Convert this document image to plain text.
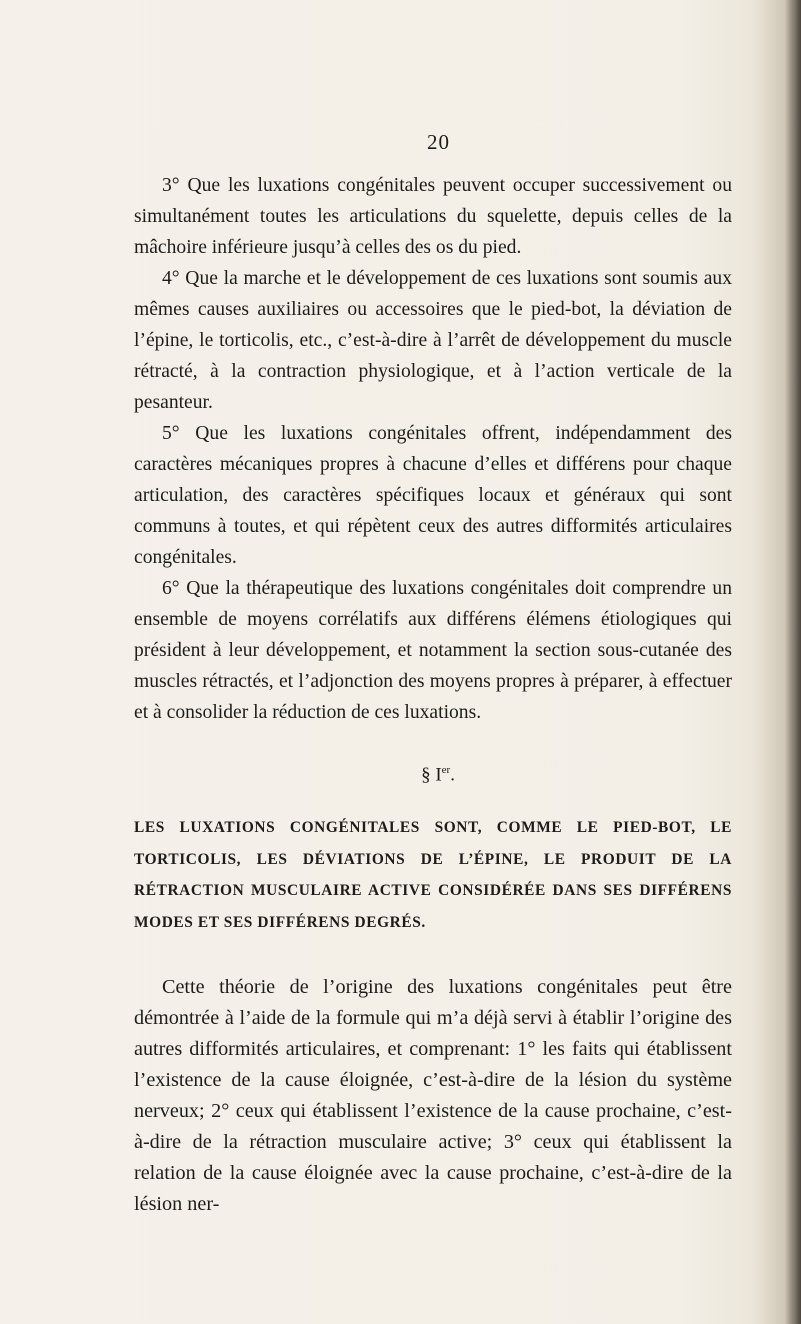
20

3° Que les luxations congénitales peuvent occuper successivement ou simultanément toutes les articulations du squelette, depuis celles de la mâchoire inférieure jusqu’à celles des os du pied.

4° Que la marche et le développement de ces luxations sont soumis aux mêmes causes auxiliaires ou accessoires que le pied-bot, la déviation de l’épine, le torticolis, etc., c’est-à-dire à l’arrêt de développement du muscle rétracté, à la contraction physiologique, et à l’action verticale de la pesanteur.

5° Que les luxations congénitales offrent, indépendamment des caractères mécaniques propres à chacune d’elles et différens pour chaque articulation, des caractères spécifiques locaux et généraux qui sont communs à toutes, et qui répètent ceux des autres difformités articulaires congénitales.

6° Que la thérapeutique des luxations congénitales doit comprendre un ensemble de moyens corrélatifs aux différens élémens étiologiques qui président à leur développement, et notamment la section sous-cutanée des muscles rétractés, et l’adjonction des moyens propres à préparer, à effectuer et à consolider la réduction de ces luxations.

§ Ier.

LES LUXATIONS CONGÉNITALES SONT, COMME LE PIED-BOT, LE TORTICOLIS, LES DÉVIATIONS DE L’ÉPINE, LE PRODUIT DE LA RÉTRACTION MUSCULAIRE ACTIVE CONSIDÉRÉE DANS SES DIFFÉRENS MODES ET SES DIFFÉRENS DEGRÉS.

Cette théorie de l’origine des luxations congénitales peut être démontrée à l’aide de la formule qui m’a déjà servi à établir l’origine des autres difformités articulaires, et comprenant: 1° les faits qui établissent l’existence de la cause éloignée, c’est-à-dire de la lésion du système nerveux; 2° ceux qui établissent l’existence de la cause prochaine, c’est-à-dire de la rétraction musculaire active; 3° ceux qui établissent la relation de la cause éloignée avec la cause prochaine, c’est-à-dire de la lésion ner-
